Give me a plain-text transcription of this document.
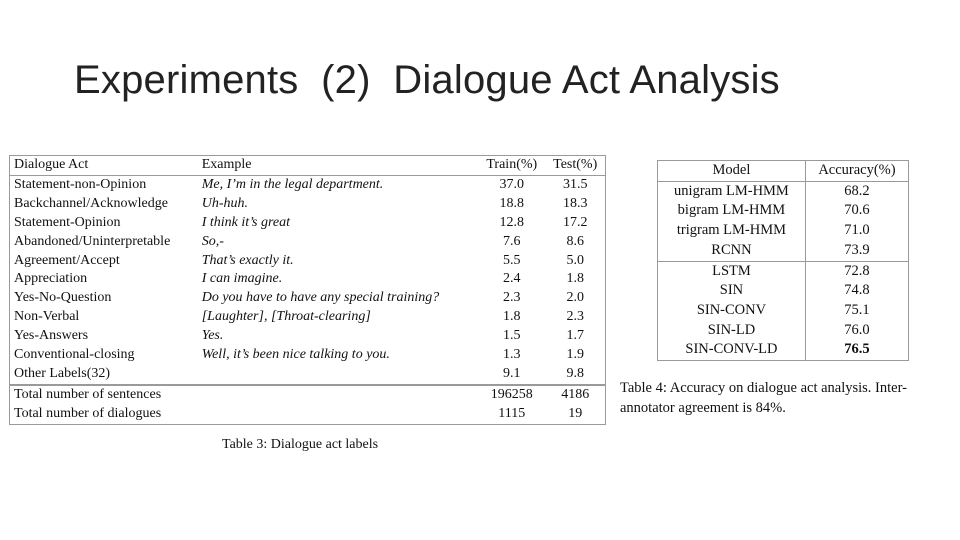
Experiments  (2)  Dialogue Act Analysis
Dialogue Act	Example	Train(%)	Test(%)
Statement-non-Opinion	Me, I’m in the legal department.	37.0	31.5
Backchannel/Acknowledge	Uh-huh.	18.8	18.3
Statement-Opinion	I think it’s great	12.8	17.2
Abandoned/Uninterpretable	So,-	7.6	8.6
Agreement/Accept	That’s exactly it.	5.5	5.0
Appreciation	I can imagine.	2.4	1.8
Yes-No-Question	Do you have to have any special training?	2.3	2.0
Non-Verbal	[Laughter], [Throat-clearing]	1.8	2.3
Yes-Answers	Yes.	1.5	1.7
Conventional-closing	Well, it’s been nice talking to you.	1.3	1.9
Other Labels(32)		9.1	9.8
Total number of sentences		196258	4186
Total number of dialogues		1115	19
Table 3: Dialogue act labels
Model	Accuracy(%)
unigram LM-HMM	68.2
bigram LM-HMM	70.6
trigram LM-HMM	71.0
RCNN	73.9
LSTM	72.8
SIN	74.8
SIN-CONV	75.1
SIN-LD	76.0
SIN-CONV-LD	76.5
Table 4: Accuracy on dialogue act analysis. Inter-annotator agreement is 84%.
